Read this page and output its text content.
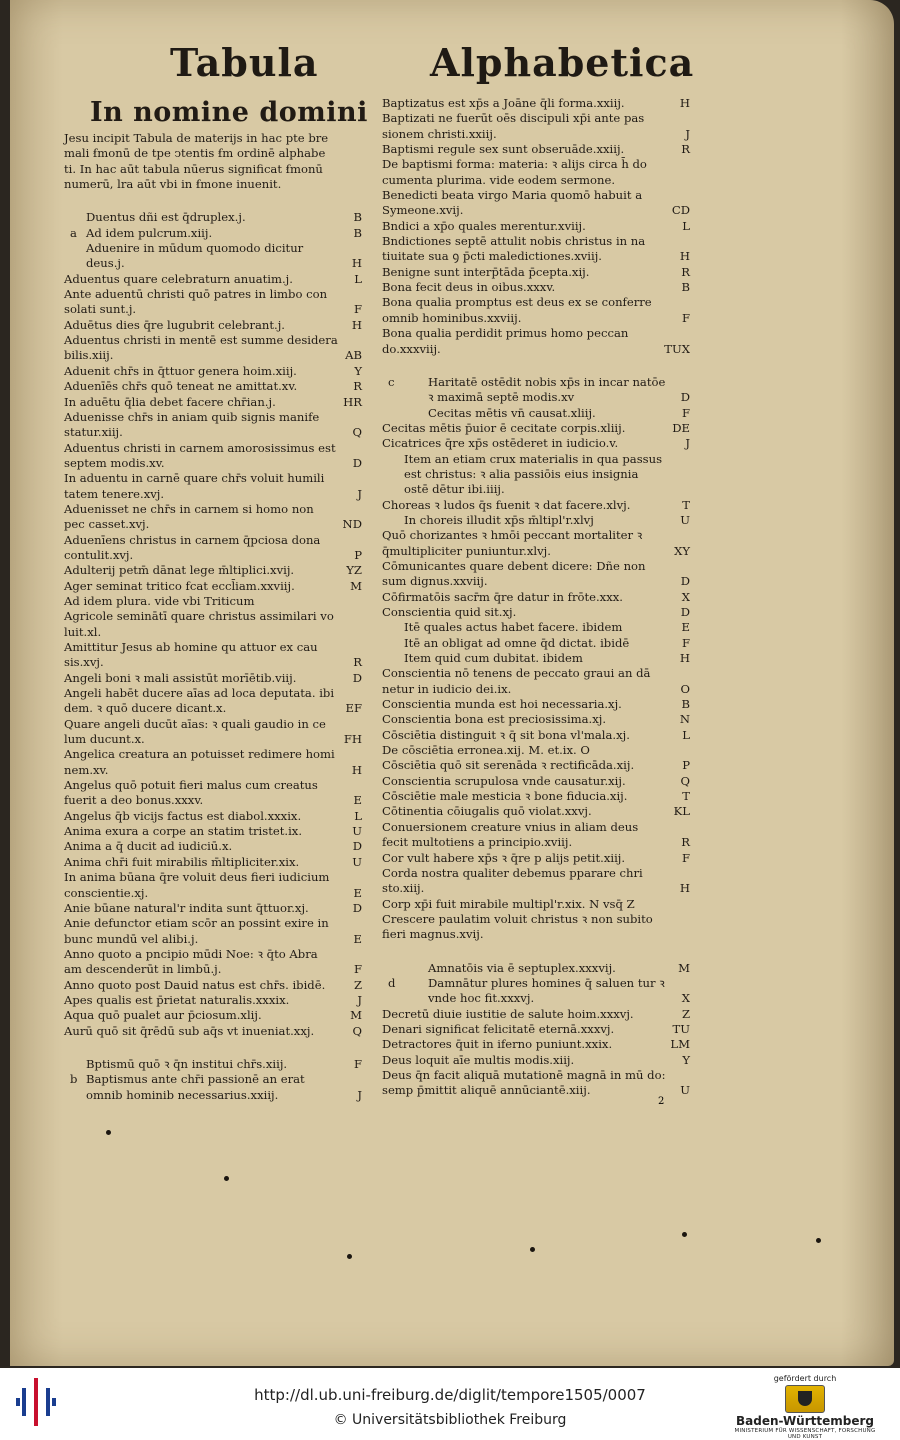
Tabula	Alphabetica
In nomine domini
Jesu incipit Tabula de materijs in hac pte bre mali ẜmonū de tpe ↄtentis ẜm ordinē alphabe ti. In hac aūt tabula nūerus significat ẜmonū numerū, lra aūt vbi in ẜmone inuenit.
Duentus dñi est q̄druplex.j.	B
a Ad idem pulcrum.xiij.	B
Aduenire in mūdum quomodo dicitur deus.j.	H
Aduentus quare celebraturn anuatim.j.	L
Ante aduentū christi quō patres in limbo con solati sunt.j.	F
Aduētus dies q̄re lugubrit celebrant.j.	H
Aduentus christi in mentē est summe desidera bilis.xiij.	AB
Aduenit chr̄s in q̄ttuor genera hoim.xiij.	Y
Aduenīēs chr̄s quō teneat ne amittat.xv.	R
In aduētu q̄lia debet facere chr̄ian.j.	HR
Aduenisse chr̄s in aniam quib signis manife statur.xiij.	Q
Aduentus christi in carnem amorosissimus est septem modis.xv.	D
In aduentu in carnē quare chr̄s voluit humili tatem tenere.xvj.	J
Aduenisset ne chr̄s in carnem si homo non pec casset.xvj.	ND
Aduenīens christus in carnem q̄pciosa dona contulit.xvj.	P
Adulterij petm̄ dānat lege m̄ltiplici.xvij.	YZ
Ager seminat tritico fcat eccl̄iam.xxviij.	M
Ad idem plura. vide vbi Triticum
Agricole seminātī quare christus assimilari vo luit.xl.
Amittitur Jesus ab homine qu attuor ex cau sis.xvj.	R
Angeli boni ꝛ mali assistūt morīētib.viij.	D
Angeli habēt ducere aīas ad loca deputata. ibi dem. ꝛ quō ducere dicant.x.	EF
Quare angeli ducūt aīas: ꝛ quali gaudio in ce lum ducunt.x.	FH
Angelica creatura an potuisset redimere homi nem.xv.	H
Angelus quō potuit fieri malus cum creatus fuerit a deo bonus.xxxv.	E
Angelus q̄b vicijs factus est diabol.xxxix.	L
Anima exura a corpe an statim tristet.ix.	U
Anima a q̄ ducit ad iudiciū.x.	D
Anima chr̄i fuit mirabilis m̄ltipliciter.xix.	U
In anima būana q̄re voluit deus fieri iudicium conscientie.xj.	E
Anie būane natural'r indita sunt q̄ttuor.xj.	D
Anie defunctor etiam scōr an possint exire in bunc mundū vel alibi.j.	E
Anno quoto a pncipio mūdi Noe: ꝛ q̄to Abra am descenderūt in limbū.j.	F
Anno quoto post Dauid natus est chr̄s. ibidē.	Z
Apes qualis est p̄rietat naturalis.xxxix.	J
Aqua quō pualet aur p̄ciosum.xlij.	M
Aurū quō sit q̄rēdū sub aq̄s vt inueniat.xxj.	Q
Bptismū quō ꝛ q̄n institui chr̄s.xiij.	F
b Baptismus ante chr̄i passionē an erat omnib hominib necessarius.xxiij.	J
Baptizatus est xp̄s a Joāne q̄li forma.xxiij.	H
Baptizati ne fuerūt oēs discipuli xp̄i ante pas sionem christi.xxiij.	J
Baptismi regule sex sunt obseruāde.xxiij.	R
De baptismi forma: materia: ꝛ alijs circa h̄ do cumenta plurima. vide eodem sermone.
Benedicti beata virgo Maria quomō habuit a Symeone.xvij.	CD
Bndici a xp̄o quales merentur.xviij.	L
Bndictiones septē attulit nobis christus in na tiuitate sua ꝯ p̄cti maledictiones.xviij.	H
Benigne sunt interp̄tāda p̄cepta.xij.	R
Bona fecit deus in oibus.xxxv.	B
Bona qualia promptus est deus ex se conferre omnib hominibus.xxviij.	F
Bona qualia perdidit primus homo peccan do.xxxviij.	TUX
c	Haritatē ostēdit nobis xp̄s in incar natōe ꝛ maximā septē modis.xv	D
Cecitas mētis vn̄ causat.xliij.	F
Cecitas mētis p̄uior ē cecitate corpis.xliij.	DE
Cicatrices q̄re xp̄s ostēderet in iudicio.v.	J
Item an etiam crux materialis in qua passus est christus: ꝛ alia passiōis eius insignia ostē dētur ibi.iiij.
Choreas ꝛ ludos q̄s fuenit ꝛ dat facere.xlvj.	T
In choreis illudit xp̄s m̄ltipl'r.xlvj	U
Quō chorizantes ꝛ hmōi peccant mortaliter ꝛ q̄multipliciter puniuntur.xlvj.	XY
Cōmunicantes quare debent dicere: Dñe non sum dignus.xxviij.	D
Cōfirmatōis sacr̄m q̄re datur in frōte.xxx.	X
Conscientia quid sit.xj.	D
Itē quales actus habet facere. ibidem	E
Itē an obligat ad omne q̄d dictat. ibidē	F
Item quid cum dubitat. ibidem	H
Conscientia nō tenens de peccato graui an dā netur in iudicio dei.ix.	O
Conscientia munda est hoi necessaria.xj.	B
Conscientia bona est preciosissima.xj.	N
Cōsciētia distinguit ꝛ q̄ sit bona vl'mala.xj.	L
De cōsciētia erronea.xij. M. et.ix. O
Cōsciētia quō sit serenāda ꝛ rectificāda.xij.	P
Conscientia scrupulosa vnde causatur.xij.	Q
Cōsciētie male mesticia ꝛ bone fiducia.xij.	T
Cōtinentia cōiugalis quō violat.xxvj.	KL
Conuersionem creature vnius in aliam deus fecit multotiens a principio.xviij.	R
Cor vult habere xp̄s ꝛ q̄re p alijs petit.xiij.	F
Corda nostra qualiter debemus pparare chri sto.xiij.	H
Corp xp̄i fuit mirabile multipl'r.xix. N vsq̄ Z
Crescere paulatim voluit christus ꝛ non subito fieri magnus.xvij.
Amnatōis via ē septuplex.xxxvij.	M
d	Damnātur plures homines q̄ saluen tur ꝛ vnde hoc fit.xxxvj.	X
Decretū diuie iustitie de salute hoim.xxxvj.	Z
Denari significat felicitatē eternā.xxxvj.	TU
Detractores q̄uit in iferno puniunt.xxix.	LM
Deus loquit aīe multis modis.xiij.	Y
Deus q̄n facit aliquā mutationē magnā in mū do: semp p̄mittit aliquē annūciantē.xiij.	U
2
http://dl.ub.uni-freiburg.de/diglit/tempore1505/0007
© Universitätsbibliothek Freiburg
gefördert durch
Baden-Württemberg
MINISTERIUM FÜR WISSENSCHAFT, FORSCHUNG UND KUNST
